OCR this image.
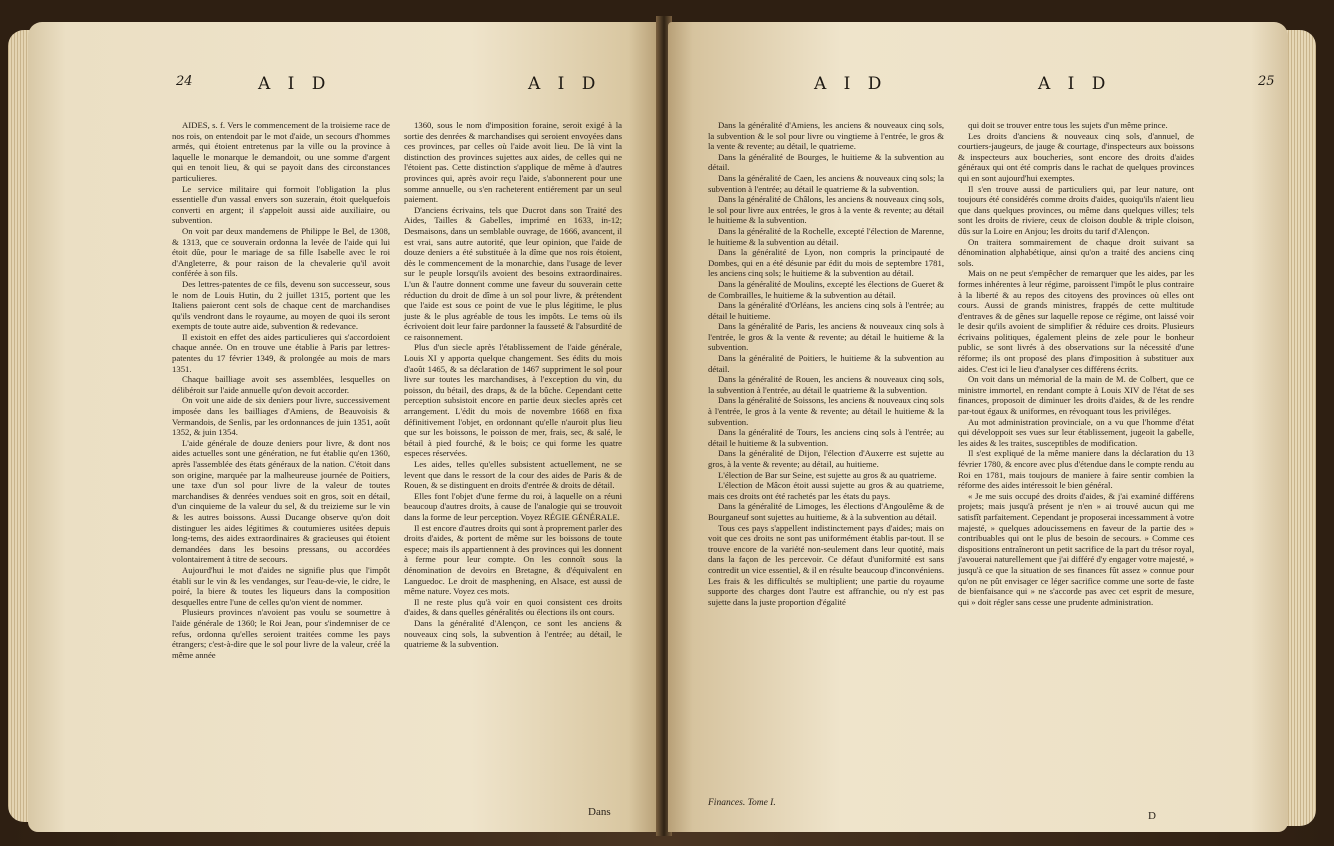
24	A I D	A I D

AIDES, s. f. Vers le commencement de la troisieme race de nos rois, on entendoit par le mot d'aide, un secours d'hommes armés, qui étoient entretenus par la ville ou la province à laquelle le monarque le demandoit, ou une somme d'argent qui en tenoit lieu, & qui se payoit dans des circonstances particulieres.

Le service militaire qui formoit l'obligation la plus essentielle d'un vassal envers son suzerain, étoit quelquefois converti en argent; il s'appeloit aussi aide auxiliaire, ou subvention.

On voit par deux mandemens de Philippe le Bel, de 1308, & 1313, que ce souverain ordonna la levée de l'aide qui lui étoit dûe, pour le mariage de sa fille Isabelle avec le roi d'Angleterre, & pour raison de la chevalerie qu'il avoit conférée à son fils.

Des lettres-patentes de ce fils, devenu son successeur, sous le nom de Louis Hutin, du 2 juillet 1315, portent que les Italiens paieront cent sols de chaque cent de marchandises qu'ils vendront dans le royaume, au moyen de quoi ils seront exempts de toute autre aide, subvention & redevance.

Il existoit en effet des aides particulieres qui s'accordoient chaque année. On en trouve une établie à Paris par lettres-patentes du 17 février 1349, & prolongée au mois de mars 1351.

Chaque bailliage avoit ses assemblées, lesquelles on délibéroit sur l'aide annuelle qu'on devoit accorder.

On voit une aide de six deniers pour livre, successivement imposée dans les bailliages d'Amiens, de Beauvoisis & Vermandois, de Senlis, par les ordonnances de juin 1351, août 1352, & juin 1354.

L'aide générale de douze deniers pour livre, & dont nos aides actuelles sont une génération, ne fut établie qu'en 1360, après l'assemblée des états généraux de la nation. C'étoit dans son origine, marquée par la malheureuse journée de Poitiers, une taxe d'un sol pour livre de la valeur de toutes marchandises & denrées vendues soit en gros, soit en détail, d'un cinquieme de la valeur du sel, & du treizieme sur le vin & les autres boissons. Aussi Ducange observe qu'on doit distinguer les aides légitimes & coutumieres usitées depuis long-tems, des aides extraordinaires & gracieuses qui étoient demandées dans les besoins pressans, ou accordées volontairement à titre de secours.

Aujourd'hui le mot d'aides ne signifie plus que l'impôt établi sur le vin & les vendanges, sur l'eau-de-vie, le cidre, le poiré, la biere & toutes les liqueurs dans la composition desquelles entre l'une de celles qu'on vient de nommer.

Plusieurs provinces n'avoient pas voulu se soumettre à l'aide générale de 1360; le Roi Jean, pour s'indemniser de ce refus, ordonna qu'elles seroient traitées comme les pays étrangers; c'est-à-dire que le sol pour livre de la valeur, créé la même année

1360, sous le nom d'imposition foraine, seroit exigé à la sortie des denrées & marchandises qui seroient envoyées dans ces provinces, par celles où l'aide avoit lieu. De là vint la distinction des provinces sujettes aux aides, de celles qui ne l'étoient pas. Cette distinction s'applique de même à d'autres provinces qui, après avoir reçu l'aide, s'abonnerent pour une somme annuelle, ou s'en racheterent entiérement par un seul paiement.

D'anciens écrivains, tels que Ducrot dans son Traité des Aides, Tailles & Gabelles, imprimé en 1633, in-12; Desmaisons, dans un semblable ouvrage, de 1666, avancent, il est vrai, sans autre autorité, que leur opinion, que l'aide de douze deniers a été substituée à la dîme que nos rois étoient, dès le commencement de la monarchie, dans l'usage de lever sur le peuple lorsqu'ils avoient des besoins extraordinaires. L'un & l'autre donnent comme une faveur du souverain cette réduction du droit de dîme à un sol pour livre, & prétendent que l'aide est sous ce point de vue le plus légitime, le plus juste & le plus agréable de tous les impôts. Le tems où ils écrivoient doit leur faire pardonner la fausseté & l'absurdité de ce raisonnement.

Plus d'un siecle après l'établissement de l'aide générale, Louis XI y apporta quelque changement. Ses édits du mois d'août 1465, & sa déclaration de 1467 suppriment le sol pour livre sur toutes les marchandises, à l'exception du vin, du poisson, du bétail, des draps, & de la bûche. Cependant cette perception subsistoit encore en partie deux siecles après cet arrangement. L'édit du mois de novembre 1668 en fixa définitivement l'objet, en ordonnant qu'elle n'auroit plus lieu que sur les boissons, le poisson de mer, frais, sec, & salé, le bétail à pied fourché, & le bois; ce qui forme les quatre especes réservées.

Les aides, telles qu'elles subsistent actuellement, ne se levent que dans le ressort de la cour des aides de Paris & de Rouen, & se distinguent en droits d'entrée & droits de détail.

Elles font l'objet d'une ferme du roi, à laquelle on a réuni beaucoup d'autres droits, à cause de l'analogie qui se trouvoit dans la forme de leur perception. Voyez RÉGIE GÉNÉRALE.

Il est encore d'autres droits qui sont à proprement parler des droits d'aides, & portent de même sur les boissons de toute espece; mais ils appartiennent à des provinces qui les donnent à ferme pour leur compte. On les connoît sous la dénomination de devoirs en Bretagne, & d'équivalent en Languedoc. Le droit de masphening, en Alsace, est aussi de même nature. Voyez ces mots.

Il ne reste plus qu'à voir en quoi consistent ces droits d'aides, & dans quelles généralités ou élections ils ont cours.

Dans la généralité d'Alençon, ce sont les anciens & nouveaux cinq sols, la subvention à l'entrée; au détail, le quatrieme & la subvention.

Dans
A I D	A I D	25

Dans la généralité d'Amiens, les anciens & nouveaux cinq sols, la subvention & le sol pour livre ou vingtieme à l'entrée, le gros & la vente & revente; au détail, le quatrieme.

Dans la généralité de Bourges, le huitieme & la subvention au détail.

Dans la généralité de Caen, les anciens & nouveaux cinq sols; la subvention à l'entrée; au détail le quatrieme & la subvention.

Dans la généralité de Châlons, les anciens & nouveaux cinq sols, le sol pour livre aux entrées, le gros à la vente & revente; au détail le huitieme & la subvention.

Dans la généralité de la Rochelle, excepté l'élection de Marenne, le huitieme & la subvention au détail.

Dans la généralité de Lyon, non compris la principauté de Dombes, qui en a été désunie par édit du mois de septembre 1781, les anciens cinq sols; le huitieme & la subvention au détail.

Dans la généralité de Moulins, excepté les élections de Gueret & de Combrailles, le huitieme & la subvention au détail.

Dans la généralité d'Orléans, les anciens cinq sols à l'entrée; au détail le huitieme.

Dans la généralité de Paris, les anciens & nouveaux cinq sols à l'entrée, le gros & la vente & revente; au détail le huitieme & la subvention.

Dans la généralité de Poitiers, le huitieme & la subvention au détail.

Dans la généralité de Rouen, les anciens & nouveaux cinq sols, la subvention à l'entrée, au détail le quatrieme & la subvention.

Dans la généralité de Soissons, les anciens & nouveaux cinq sols à l'entrée, le gros à la vente & revente; au détail le huitieme & la subvention.

Dans la généralité de Tours, les anciens cinq sols à l'entrée; au détail le huitieme & la subvention.

Dans la généralité de Dijon, l'élection d'Auxerre est sujette au gros, à la vente & revente; au détail, au huitieme.

L'élection de Bar sur Seine, est sujette au gros & au quatrieme.

L'élection de Mâcon étoit aussi sujette au gros & au quatrieme, mais ces droits ont été rachetés par les états du pays.

Dans la généralité de Limoges, les élections d'Angoulême & de Bourganeuf sont sujettes au huitieme, & à la subvention au détail.

Tous ces pays s'appellent indistinctement pays d'aides; mais on voit que ces droits ne sont pas uniformément établis par-tout. Il se trouve encore de la variété non-seulement dans leur quotité, mais dans la façon de les percevoir. Ce défaut d'uniformité est sans contredit un vice essentiel, & il en résulte beaucoup d'inconvéniens. Les frais & les difficultés se multiplient; une partie du royaume supporte des charges dont l'autre est affranchie, ou n'y est pas sujette dans la juste proportion d'égalité

qui doit se trouver entre tous les sujets d'un même prince.

Les droits d'anciens & nouveaux cinq sols, d'annuel, de courtiers-jaugeurs, de jauge & courtage, d'inspecteurs aux boissons & inspecteurs aux boucheries, sont encore des droits d'aides généraux qui ont été compris dans le rachat de quelques provinces qui en sont aujourd'hui exemptes.

Il s'en trouve aussi de particuliers qui, par leur nature, ont toujours été considérés comme droits d'aides, quoiqu'ils n'aient lieu que dans quelques provinces, ou même dans quelques villes; tels sont les droits de riviere, ceux de cloison double & triple cloison, dûs sur la Loire en Anjou; les droits du tarif d'Alençon.

On traitera sommairement de chaque droit suivant sa dénomination alphabétique, ainsi qu'on a traité des anciens cinq sols.

Mais on ne peut s'empêcher de remarquer que les aides, par les formes inhérentes à leur régime, paroissent l'impôt le plus contraire à la liberté & au repos des citoyens des provinces où elles ont cours. Aussi de grands ministres, frappés de cette multitude d'entraves & de gênes sur laquelle repose ce régime, ont laissé voir le desir qu'ils avoient de simplifier & réduire ces droits. Plusieurs écrivains politiques, également pleins de zele pour le bonheur public, se sont livrés à des observations sur la nécessité d'une réforme; ils ont proposé des plans d'imposition à substituer aux aides. C'est ici le lieu d'analyser ces différens écrits.

On voit dans un mémorial de la main de M. de Colbert, que ce ministre immortel, en rendant compte à Louis XIV de l'état de ses finances, proposoit de diminuer les droits d'aides, & de les rendre par-tout égaux & uniformes, en révoquant tous les priviléges.

Au mot administration provinciale, on a vu que l'homme d'état qui développoit ses vues sur leur établissement, jugeoit la gabelle, les aides & les traites, susceptibles de modification.

Il s'est expliqué de la même maniere dans la déclaration du 13 février 1780, & encore avec plus d'étendue dans le compte rendu au Roi en 1781, mais toujours de maniere à faire sentir combien la réforme des aides intéressoit le bien général.

« Je me suis occupé des droits d'aides, & j'ai examiné différens projets; mais jusqu'à présent je n'en » ai trouvé aucun qui me satisfît parfaitement. Cependant je proposerai incessamment à votre majesté, » quelques adoucissemens en faveur de la partie des » contribuables qui ont le plus de besoin de secours. » Comme ces dispositions entraîneront un petit sacrifice de la part du trésor royal, j'avouerai naturellement que j'ai différé d'y engager votre majesté, » jusqu'à ce que la situation de ses finances fût assez » connue pour qu'on ne pût envisager ce léger sacrifice comme une sorte de faste de bienfaisance qui » ne s'accorde pas avec cet esprit de mesure, qui » doit régler sans cesse une prudente administration.

Finances. Tome I.
D
